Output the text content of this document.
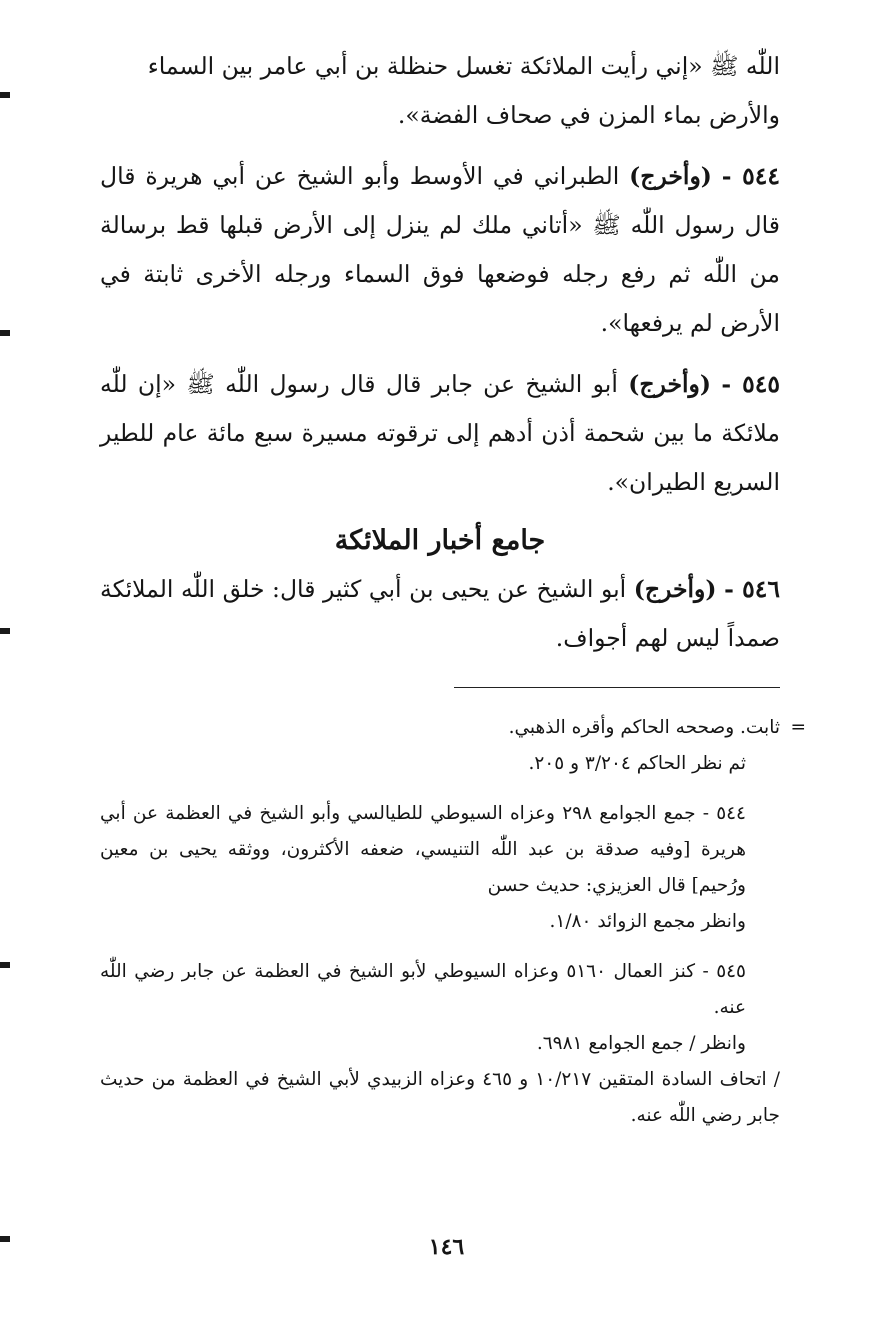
اللّٰه ﷺ «إني رأيت الملائكة تغسل حنظلة بن أبي عامر بين السماء

والأرض بماء المزن في صحاف الفضة».

٥٤٤ - (وأخرج) الطبراني في الأوسط وأبو الشيخ عن أبي هريرة قال قال رسول اللّٰه ﷺ «أتاني ملك لم ينزل إلى الأرض قبلها قط برسالة من اللّٰه ثم رفع رجله فوضعها فوق السماء ورجله الأخرى ثابتة في الأرض لم يرفعها».
٥٤٥ - (وأخرج) أبو الشيخ عن جابر قال قال رسول اللّٰه ﷺ «إن للّٰه ملائكة ما بين شحمة أذن أدهم إلى ترقوته مسيرة سبع مائة عام للطير السريع الطيران».
جامع أخبار الملائكة
٥٤٦ - (وأخرج) أبو الشيخ عن يحيى بن أبي كثير قال: خلق اللّٰه الملائكة صمداً ليس لهم أجواف.
=

ثابت. وصححه الحاكم وأقره الذهبي.

ثم نظر الحاكم ٣/٢٠٤ و ٢٠٥.

٥٤٤ - جمع الجوامع ٢٩٨ وعزاه السيوطي للطيالسي وأبو الشيخ في العظمة عن أبي هريرة [وفيه صدقة بن عبد اللّٰه التنيسي، ضعفه الأكثرون، ووثقه يحيى بن معين ورُحيم] قال العزيزي: حديث حسن

وانظر مجمع الزوائد ١/٨٠.

٥٤٥ - كنز العمال ٥١٦٠ وعزاه السيوطي لأبو الشيخ في العظمة عن جابر رضي اللّٰه عنه.

وانظر / جمع الجوامع ٦٩٨١.

/ اتحاف السادة المتقين ١٠/٢١٧ و ٤٦٥ وعزاه الزبيدي لأبي الشيخ في العظمة من حديث جابر رضي اللّٰه عنه.

١٤٦
